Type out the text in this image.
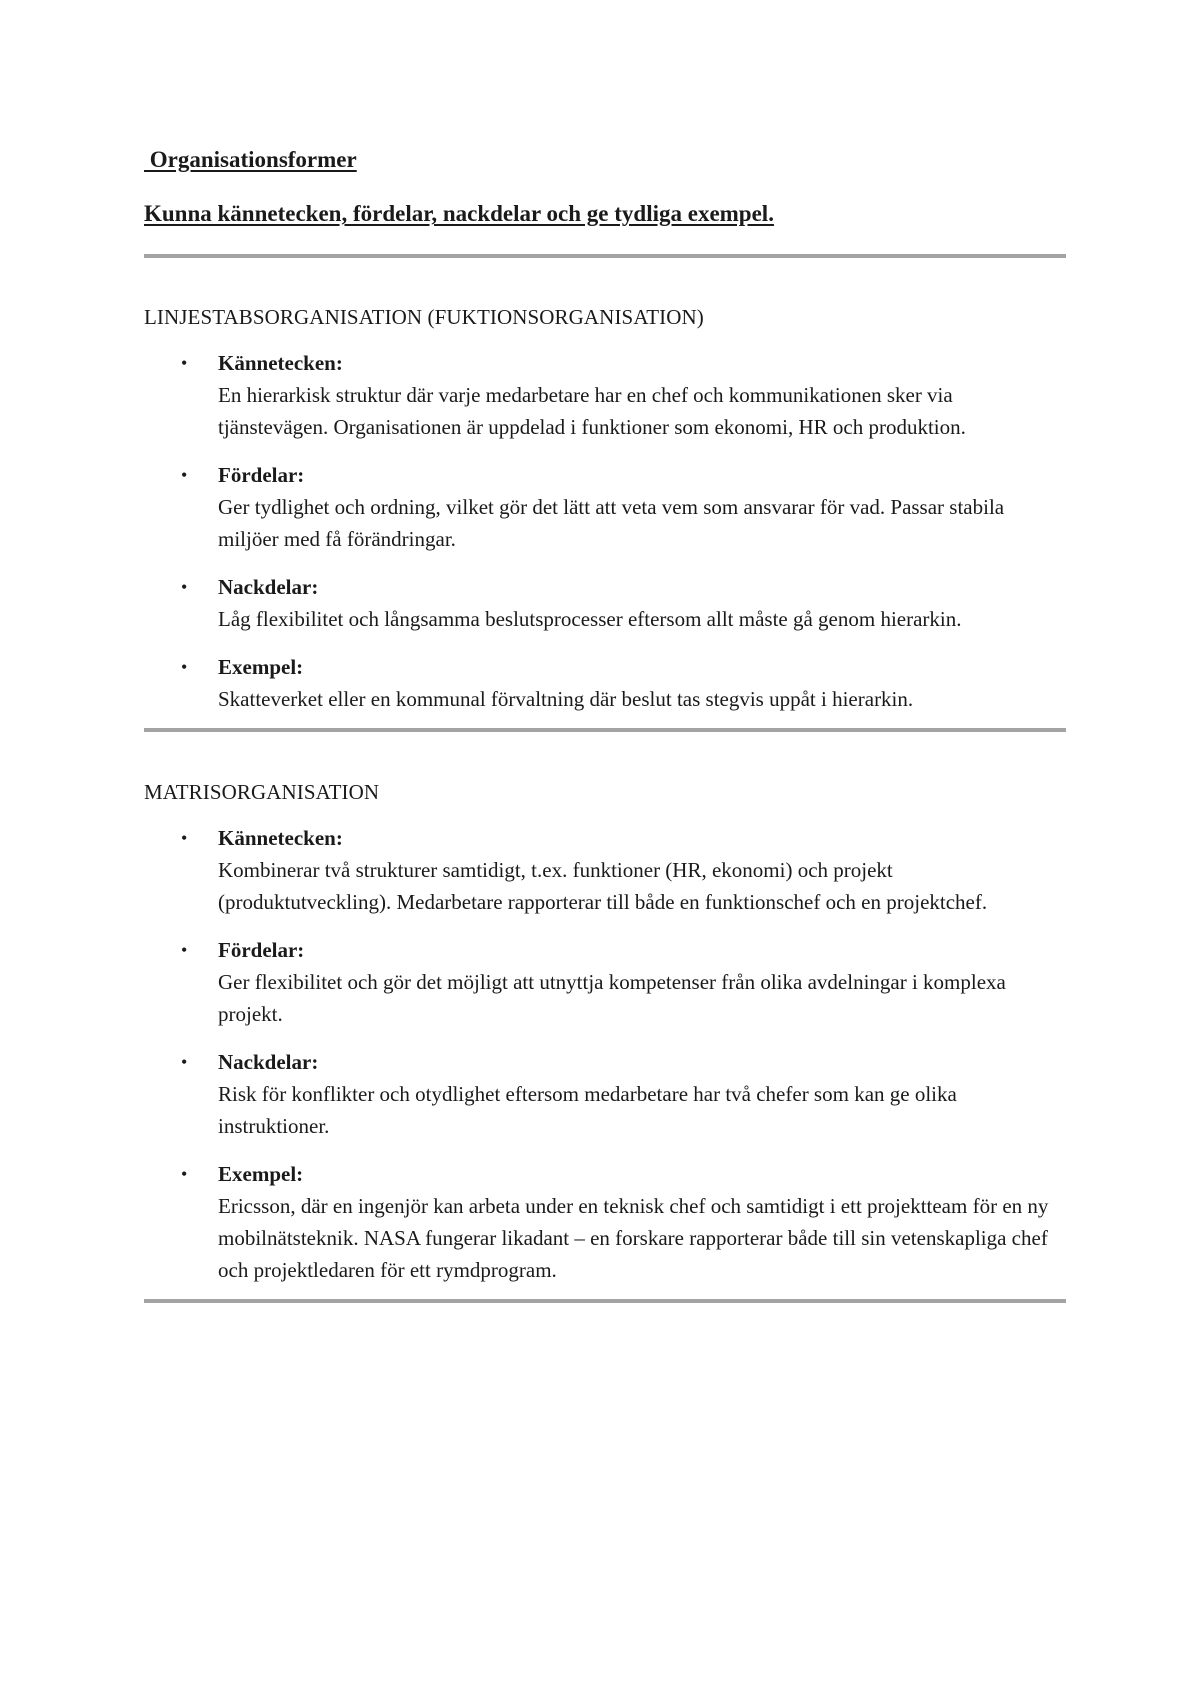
Organisationsformer
Kunna kännetecken, fördelar, nackdelar och ge tydliga exempel.
LINJESTABSORGANISATION (FUKTIONSORGANISATION)
• Kännetecken:
En hierarkisk struktur där varje medarbetare har en chef och kommunikationen sker via tjänstevägen. Organisationen är uppdelad i funktioner som ekonomi, HR och produktion.
• Fördelar:
Ger tydlighet och ordning, vilket gör det lätt att veta vem som ansvarar för vad. Passar stabila miljöer med få förändringar.
• Nackdelar:
Låg flexibilitet och långsamma beslutsprocesser eftersom allt måste gå genom hierarkin.
• Exempel:
Skatteverket eller en kommunal förvaltning där beslut tas stegvis uppåt i hierarkin.
MATRISORGANISATION
• Kännetecken:
Kombinerar två strukturer samtidigt, t.ex. funktioner (HR, ekonomi) och projekt (produktutveckling). Medarbetare rapporterar till både en funktionschef och en projektchef.
• Fördelar:
Ger flexibilitet och gör det möjligt att utnyttja kompetenser från olika avdelningar i komplexa projekt.
• Nackdelar:
Risk för konflikter och otydlighet eftersom medarbetare har två chefer som kan ge olika instruktioner.
• Exempel:
Ericsson, där en ingenjör kan arbeta under en teknisk chef och samtidigt i ett projektteam för en ny mobilnätsteknik. NASA fungerar likadant – en forskare rapporterar både till sin vetenskapliga chef och projektledaren för ett rymdprogram.
